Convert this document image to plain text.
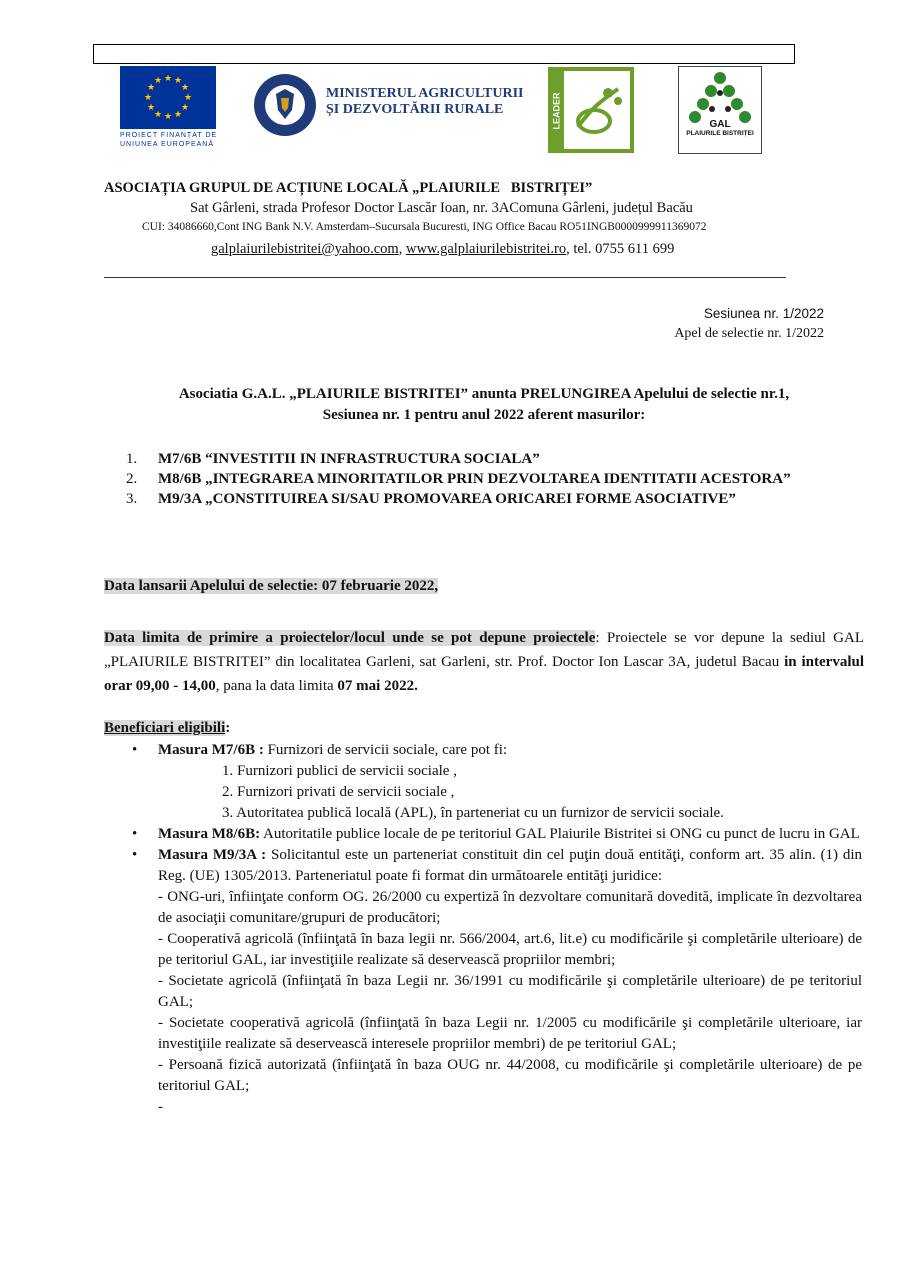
★ ★
★
★
★
★
★
★
★
★
★
★
PROIECT FINANȚAT DE
UNIUNEA EUROPEANĂ
MINISTERUL AGRICULTURII
ȘI DEZVOLTĂRII RURALE	LEADER	GAL
PLAIURILE BISTRIȚEI
ASOCIAȚIA GRUPUL DE ACȚIUNE LOCALĂ „PLAIURILE   BISTRIȚEI”
Sat Gârleni, strada Profesor Doctor Lascăr Ioan, nr. 3AComuna Gârleni, județul Bacău
CUI: 34086660,Cont ING Bank N.V. Amsterdam–Sucursala Bucuresti, ING Office Bacau RO51INGB0000999911369072
galplaiurilebistritei@yahoo.com, www.galplaiurilebistritei.ro, tel. 0755 611 699
Sesiunea nr. 1/2022
Apel de selectie nr. 1/2022
Asociatia G.A.L. „PLAIURILE BISTRITEI” anunta PRELUNGIREA Apelului de selectie nr.1,
Sesiunea nr. 1 pentru anul 2022 aferent masurilor:
1. M7/6B “INVESTITII IN INFRASTRUCTURA SOCIALA”
2. M8/6B „INTEGRAREA MINORITATILOR PRIN DEZVOLTAREA IDENTITATII ACESTORA”
3. M9/3A „CONSTITUIREA SI/SAU PROMOVAREA ORICAREI FORME ASOCIATIVE”
Data lansarii Apelului de selectie: 07 februarie 2022,
Data limita de primire a proiectelor/locul unde se pot depune proiectele: Proiectele se vor depune la sediul GAL „PLAIURILE BISTRITEI” din localitatea Garleni, sat Garleni, str. Prof. Doctor Ion Lascar 3A, judetul Bacau in intervalul orar 09,00 - 14,00, pana la data limita 07 mai 2022.
Beneficiari eligibili:
• Masura M7/6B : Furnizori de servicii sociale, care pot fi:
1. Furnizori publici de servicii sociale ,
2. Furnizori privati de servicii sociale ,
3. Autoritatea publică locală (APL), în parteneriat cu un furnizor de servicii sociale.
• Masura M8/6B: Autoritatile publice locale de pe teritoriul GAL Plaiurile Bistritei si ONG cu punct de lucru in GAL
• Masura M9/3A : Solicitantul este un parteneriat constituit din cel puţin două entităţi, conform art. 35 alin. (1) din Reg. (UE) 1305/2013. Parteneriatul poate fi format din următoarele entităţi juridice:
- ONG-uri, înfiinţate conform OG. 26/2000 cu expertiză în dezvoltare comunitară dovedită, implicate în dezvoltarea de asociaţii comunitare/grupuri de producători;
- Cooperativă agricolă (înfiinţată în baza legii nr. 566/2004, art.6, lit.e) cu modificările şi completările ulterioare) de pe teritoriul GAL, iar investiţiile realizate să deservească propriilor membri;
- Societate agricolă (înfiinţată în baza Legii nr. 36/1991 cu modificările şi completările ulterioare) de pe teritoriul GAL;
- Societate cooperativă agricolă (înfiinţată în baza Legii nr. 1/2005 cu modificările şi completările ulterioare, iar investiţiile realizate să deservească interesele propriilor membri) de pe teritoriul GAL;
- Persoană fizică autorizată (înfiinţată în baza OUG nr. 44/2008, cu modificările şi completările ulterioare) de pe teritoriul GAL;
-
